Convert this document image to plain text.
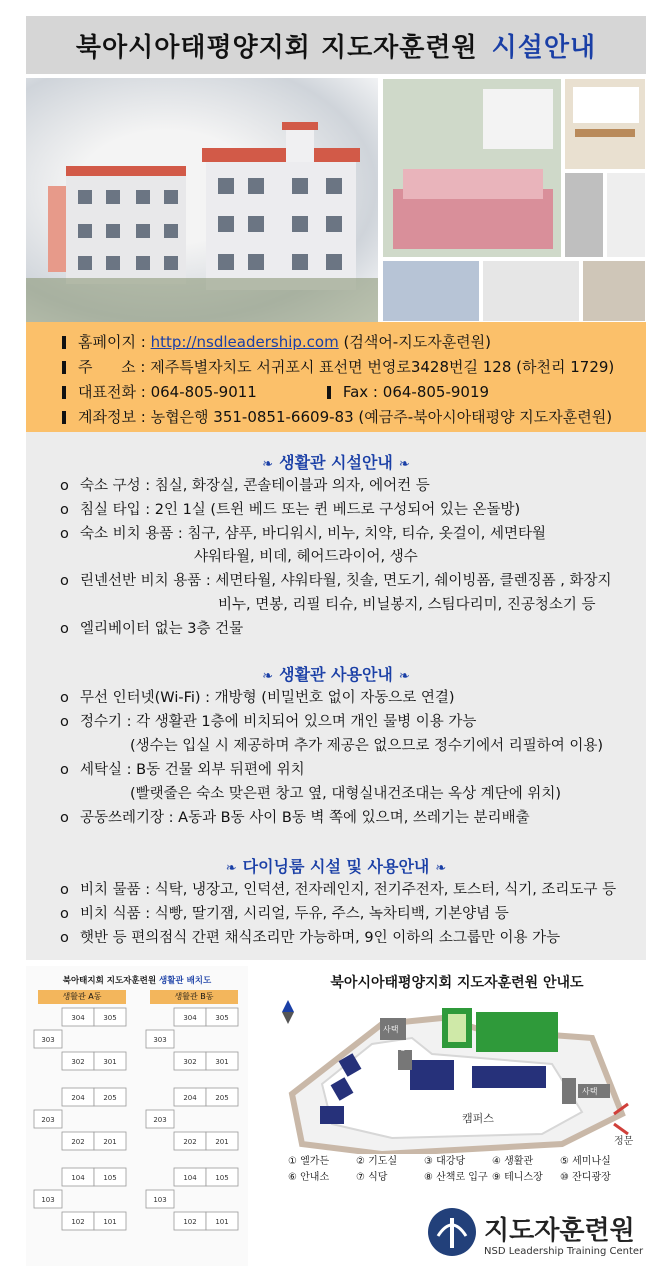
북아시아태평양지회 지도자훈련원 시설안내
홈페이지 :
http://nsdleadership.com
(검색어-지도자훈련원)
주      소 :
제주특별자치도 서귀포시 표선면 번영로3428번길 128 (하천리 1729)
대표전화 :
064-805-9011	Fax :
064-805-9019
계좌정보 :
농협은행 351-0851-6609-83 (예금주-북아시아태평양 지도자훈련원)
❧ 생활관 시설안내 ❧
o 숙소 구성 : 침실, 화장실, 콘솔테이블과 의자, 에어컨 등
o 침실 타입 : 2인 1실 (트윈 베드 또는 퀸 베드로 구성되어 있는 온돌방)
o 숙소 비치 용품 : 침구, 샴푸, 바디워시, 비누, 치약, 티슈, 옷걸이, 세면타월
샤워타월, 비데, 헤어드라이어, 생수
o 린넨선반 비치 용품 : 세면타월, 샤워타월, 칫솔, 면도기, 쉐이빙폼, 클렌징폼 , 화장지
비누, 면봉, 리필 티슈, 비닐봉지, 스팀다리미, 진공청소기 등
o 엘리베이터 없는 3층 건물
❧ 생활관 사용안내 ❧
o 무선 인터넷(Wi-Fi) : 개방형 (비밀번호 없이 자동으로 연결)
o 정수기 : 각 생활관 1층에 비치되어 있으며 개인 물병 이용 가능
(생수는 입실 시 제공하며 추가 제공은 없으므로 정수기에서 리필하여 이용)
o 세탁실 : B동 건물 외부 뒤편에 위치
(빨랫줄은 숙소 맞은편 창고 옆, 대형실내건조대는 옥상 계단에 위치)
o 공동쓰레기장 : A동과 B동 사이 B동 벽 쪽에 있으며, 쓰레기는 분리배출
❧ 다이닝룸 시설 및 사용안내 ❧
o 비치 물품 : 식탁, 냉장고, 인덕션, 전자레인지, 전기주전자, 토스터, 식기, 조리도구 등
o 비치 식품 : 식빵, 딸기잼, 시리얼, 두유, 주스, 녹차티백, 기본양념 등
o 햇반 등 편의점식 간편 채식조리만 가능하며, 9인 이하의 소그룹만 이용 가능
북아태지회 지도자훈련원 생활관 배치도
생활관 A동	생활관 B동
304	305
303
302	301
204	205
203
202	201
104	105
103
102	101
304	305
303
302	301
204	205
203
202	201
104	105
103
102	101
북아시아태평양지회 지도자훈련원 안내도
캠퍼스
정문
창고
사택
사택
① 엘가든	② 기도실	③ 대강당	④ 생활관	⑤ 세미나실
⑥ 안내소	⑦ 식당	⑧ 산책로 입구 ⑨ 테니스장 ⑩ 잔디광장
지도자훈련원
NSD Leadership Training Center
